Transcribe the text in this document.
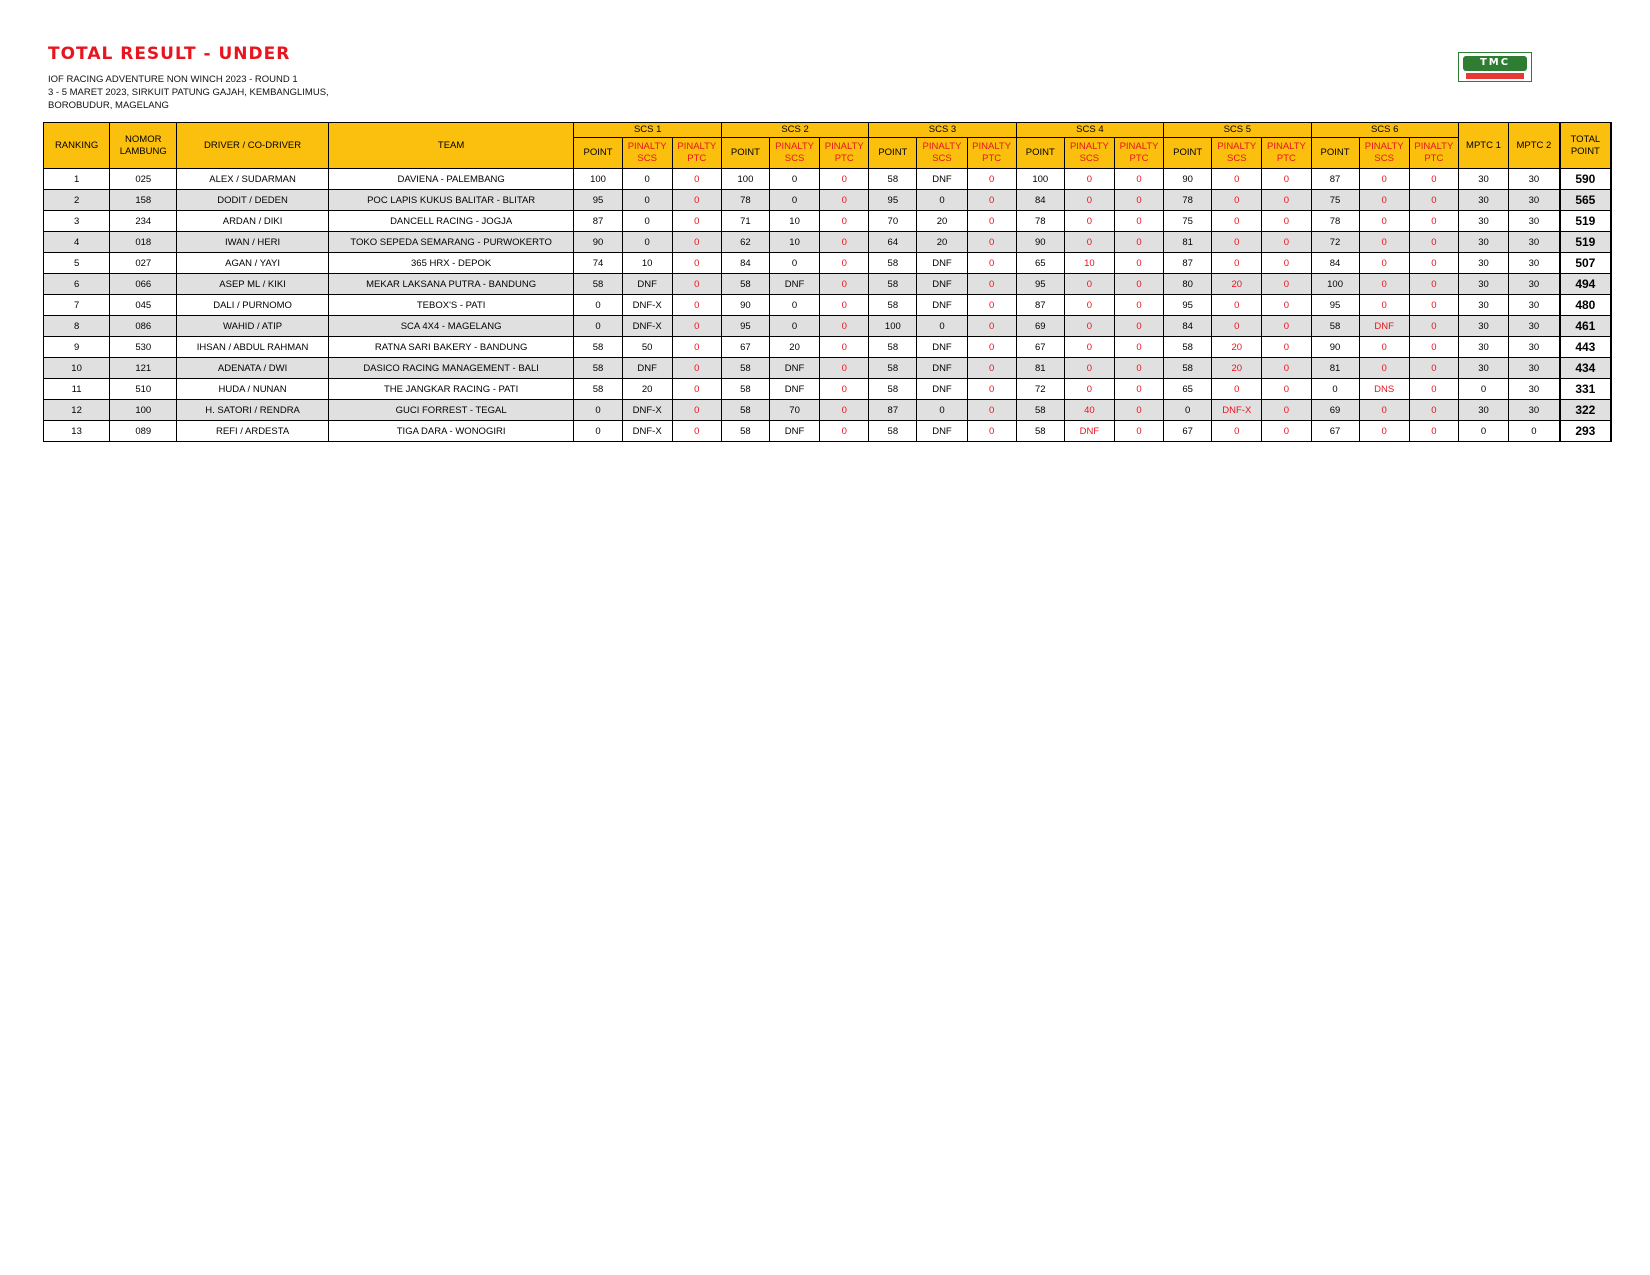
TOTAL RESULT - UNDER
IOF RACING ADVENTURE NON WINCH 2023 - ROUND 1
3 - 5 MARET 2023, SIRKUIT PATUNG GAJAH, KEMBANGLIMUS,
BOROBUDUR, MAGELANG
TMC
RANKING	NOMOR LAMBUNG	DRIVER / CO-DRIVER	TEAM	SCS 1			SCS 2			SCS 3			SCS 4			SCS 5			SCS 6			MPTC 1	MPTC 2	TOTAL POINT
				POINT	PINALTY SCS	PINALTY PTC	POINT	PINALTY SCS	PINALTY PTC	POINT	PINALTY SCS	PINALTY PTC	POINT	PINALTY SCS	PINALTY PTC	POINT	PINALTY SCS	PINALTY PTC	POINT	PINALTY SCS	PINALTY PTC			
1	025	ALEX / SUDARMAN	DAVIENA - PALEMBANG	100	0	0	100	0	0	58	DNF	0	100	0	0	90	0	0	87	0	0	30	30	590
2	158	DODIT / DEDEN	POC LAPIS KUKUS BALITAR - BLITAR	95	0	0	78	0	0	95	0	0	84	0	0	78	0	0	75	0	0	30	30	565
3	234	ARDAN / DIKI	DANCELL RACING - JOGJA	87	0	0	71	10	0	70	20	0	78	0	0	75	0	0	78	0	0	30	30	519
4	018	IWAN / HERI	TOKO SEPEDA SEMARANG - PURWOKERTO	90	0	0	62	10	0	64	20	0	90	0	0	81	0	0	72	0	0	30	30	519
5	027	AGAN / YAYI	365 HRX - DEPOK	74	10	0	84	0	0	58	DNF	0	65	10	0	87	0	0	84	0	0	30	30	507
6	066	ASEP ML / KIKI	MEKAR LAKSANA PUTRA - BANDUNG	58	DNF	0	58	DNF	0	58	DNF	0	95	0	0	80	20	0	100	0	0	30	30	494
7	045	DALI / PURNOMO	TEBOX'S - PATI	0	DNF-X	0	90	0	0	58	DNF	0	87	0	0	95	0	0	95	0	0	30	30	480
8	086	WAHID / ATIP	SCA 4X4 - MAGELANG	0	DNF-X	0	95	0	0	100	0	0	69	0	0	84	0	0	58	DNF	0	30	30	461
9	530	IHSAN / ABDUL RAHMAN	RATNA SARI BAKERY - BANDUNG	58	50	0	67	20	0	58	DNF	0	67	0	0	58	20	0	90	0	0	30	30	443
10	121	ADENATA / DWI	DASICO RACING MANAGEMENT - BALI	58	DNF	0	58	DNF	0	58	DNF	0	81	0	0	58	20	0	81	0	0	30	30	434
11	510	HUDA / NUNAN	THE JANGKAR RACING - PATI	58	20	0	58	DNF	0	58	DNF	0	72	0	0	65	0	0	0	DNS	0	0	30	331
12	100	H. SATORI / RENDRA	GUCI FORREST - TEGAL	0	DNF-X	0	58	70	0	87	0	0	58	40	0	0	DNF-X	0	69	0	0	30	30	322
13	089	REFI / ARDESTA	TIGA DARA - WONOGIRI	0	DNF-X	0	58	DNF	0	58	DNF	0	58	DNF	0	67	0	0	67	0	0	0	0	293
